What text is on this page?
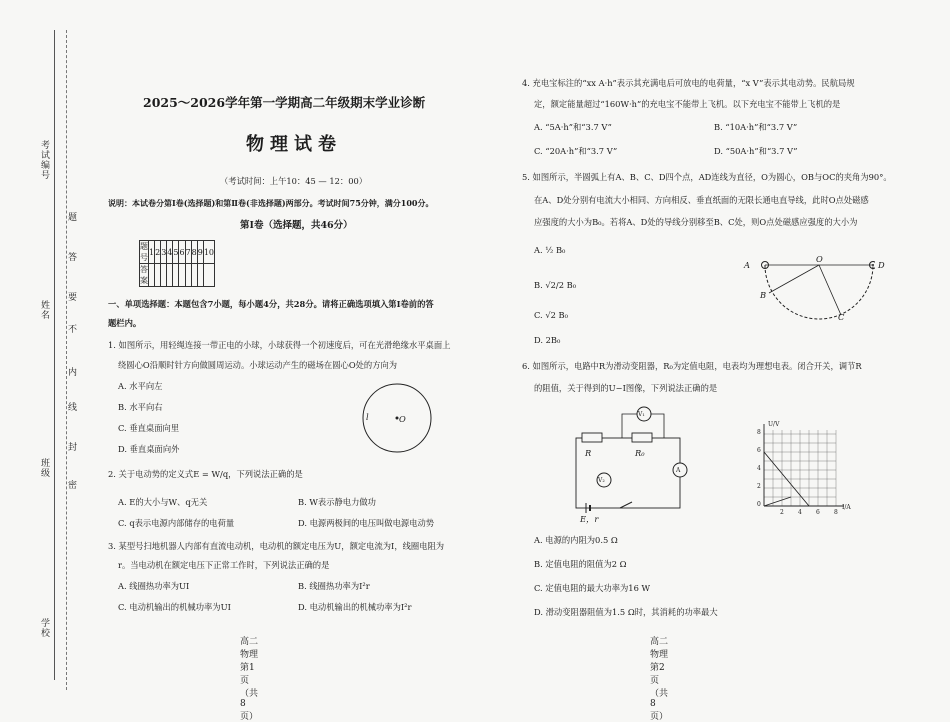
考试编号
姓名
班级
学校
题
答
要
不
内
线
封
密
2025～2026学年第一学期高二年级期末学业诊断
物理试卷
（考试时间：上午10：45 — 12：00）
说明：本试卷分第Ⅰ卷(选择题)和第Ⅱ卷(非选择题)两部分。考试时间75分钟，满分100分。
第Ⅰ卷（选择题，共46分）
题号	1	2	3	4	5	6	7	8	9	10
答案										
一、单项选择题：本题包含7小题，每小题4分，共28分。请将正确选项填入第Ⅰ卷前的答
题栏内。
1. 如图所示，用轻绳连接一带正电的小球，小球获得一个初速度后，可在光滑绝缘水平桌面上
绕圆心O沿顺时针方向做圆周运动。小球运动产生的磁场在圆心O处的方向为
A. 水平向左
B. 水平向右
C. 垂直桌面向里
D. 垂直桌面向外
l	O
2. 关于电动势的定义式E = W/q，下列说法正确的是
A. E的大小与W、q无关	B. W表示静电力做功
C. q表示电源内部储存的电荷量	D. 电源两极间的电压叫做电源电动势
3. 某型号扫地机器人内部有直流电动机，电动机的额定电压为U，额定电流为I，线圈电阻为
r。当电动机在额定电压下正常工作时，下列说法正确的是
A. 线圈热功率为UI	B. 线圈热功率为I²r
C. 电动机输出的机械功率为UI	D. 电动机输出的机械功率为I²r
高二物理　第1页（共8页）
4. 充电宝标注的“xx A·h”表示其充满电后可放电的电荷量，“x V”表示其电动势。民航局规
定，额定能量超过“160W·h”的充电宝不能带上飞机。以下充电宝不能带上飞机的是
A. “5A·h”和“3.7 V”	B. “10A·h”和“3.7 V”
C. “20A·h”和“3.7 V”	D. “50A·h”和“3.7 V”
5. 如图所示，半圆弧上有A、B、C、D四个点，AD连线为直径，O为圆心，OB与OC的夹角为90°。
在A、D处分别有电流大小相同、方向相反、垂直纸面的无限长通电直导线，此时O点处磁感
应强度的大小为B₀。若将A、D处的导线分别移至B、C处，则O点处磁感应强度的大小为
A. ½ B₀
B. √2/2 B₀
C. √2 B₀
D. 2B₀
A
O
D
B
C
6. 如图所示，电路中R为滑动变阻器，R₀为定值电阻，电表均为理想电表。闭合开关，调节R
的阻值，关于得到的U−I图像，下列说法正确的是
R	R₀
V₁
A
V₂
E，r
U/V
I/A
8
6
4
2
0
2 4 6 8
A. 电源的内阻为0.5 Ω
B. 定值电阻的阻值为2 Ω
C. 定值电阻的最大功率为16 W
D. 滑动变阻器阻值为1.5 Ω时，其消耗的功率最大
高二物理　第2页（共8页）
